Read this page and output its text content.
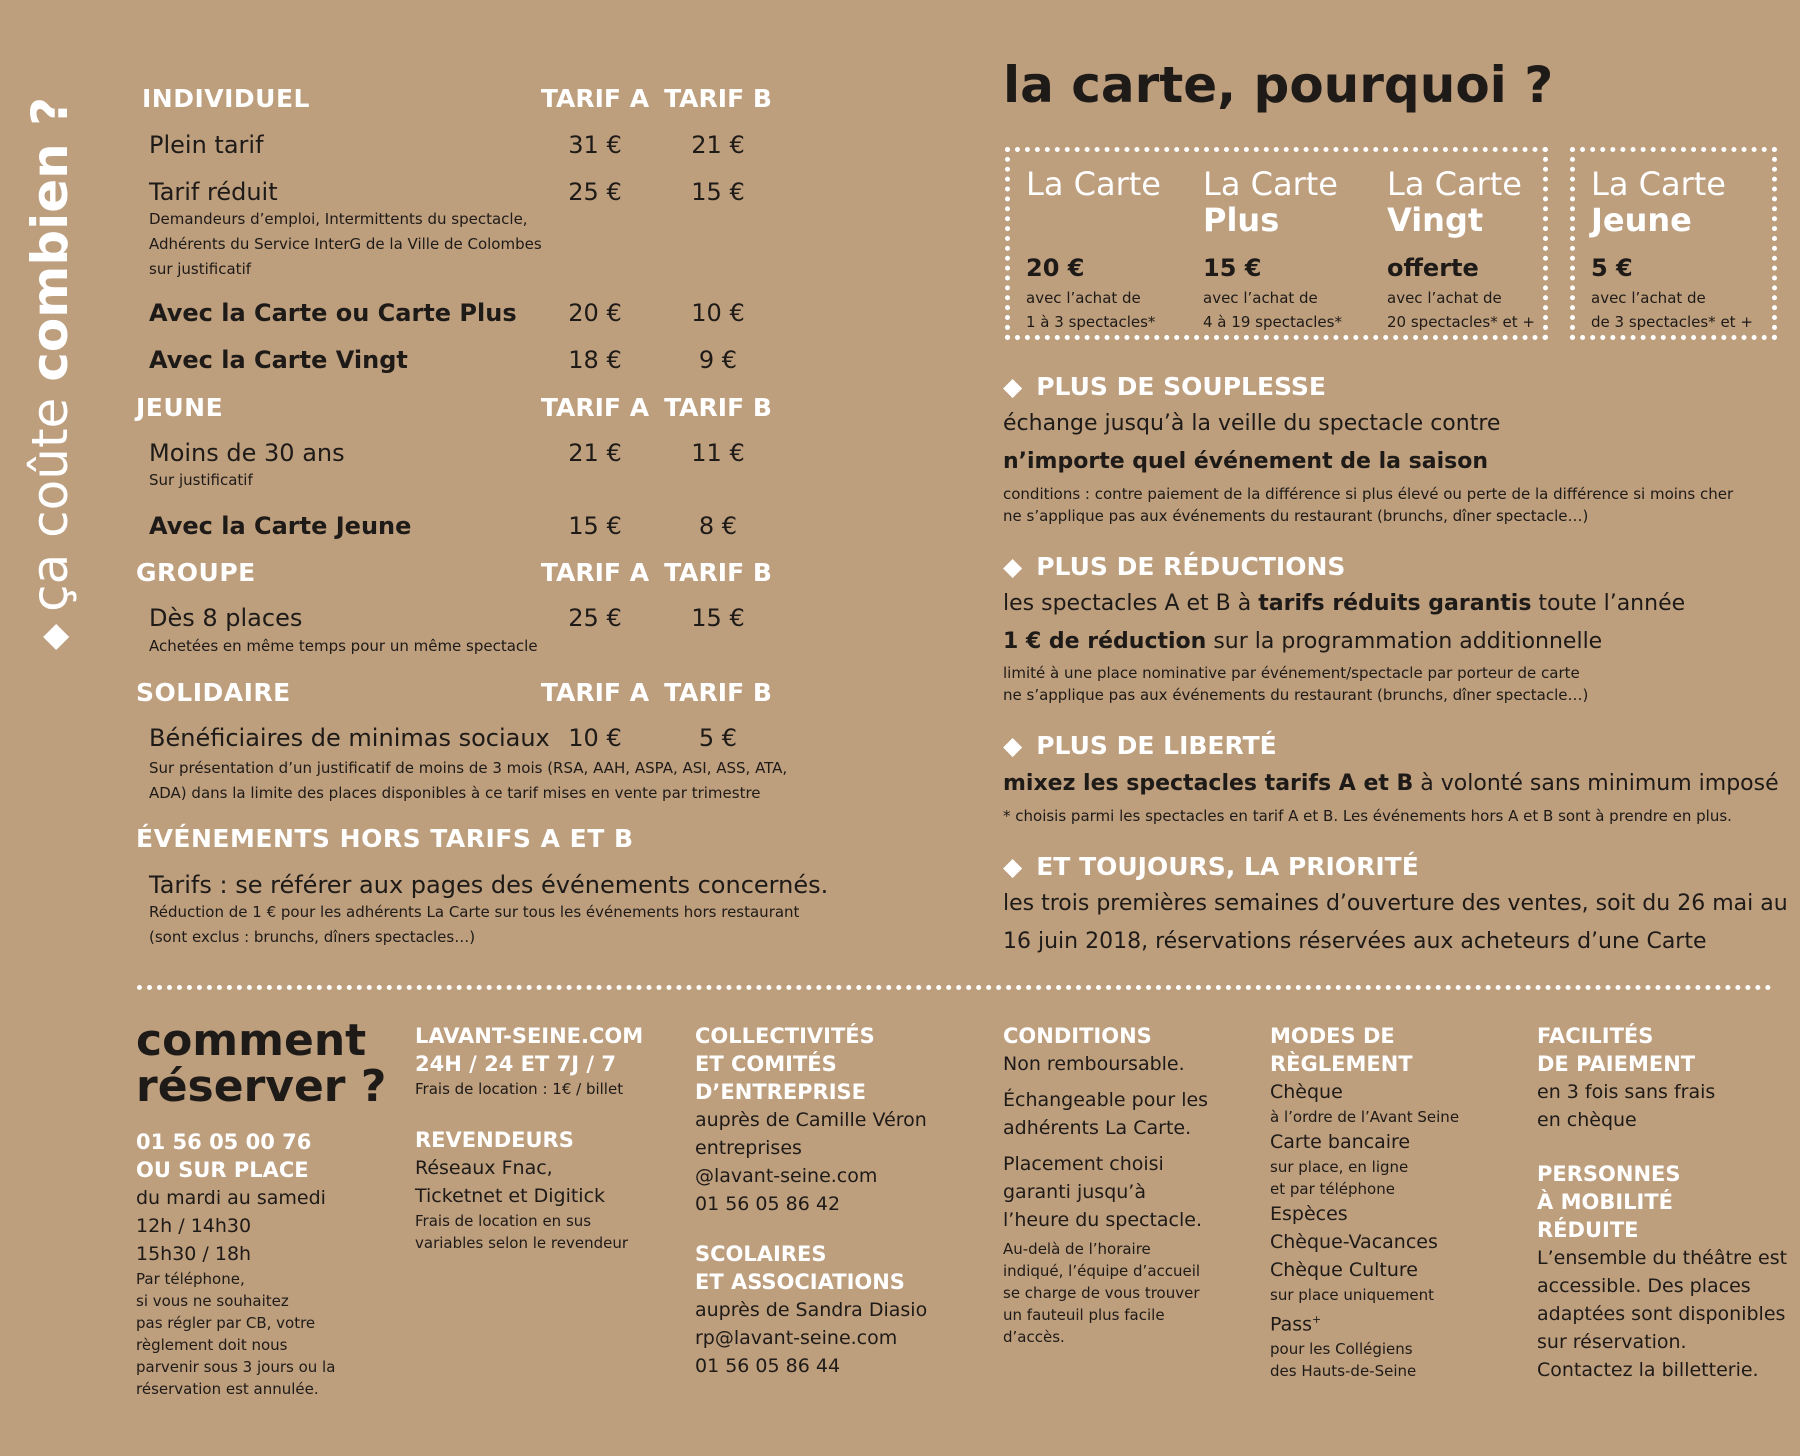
◆ça coûte combien ?	INDIVIDUEL	TARIF A TARIF B
Plein tarif	31 €	21 €
Tarif réduit	25 €	15 €
Demandeurs d’emploi, Intermittents du spectacle,
Adhérents du Service InterG de la Ville de Colombes
sur justificatif
Avec la Carte ou Carte Plus	20 €	10 €
Avec la Carte Vingt	18 €	9 €
JEUNE	TARIF A TARIF B
Moins de 30 ans	21 €	11 €
Sur justificatif
Avec la Carte Jeune	15 €	8 €
GROUPE	TARIF A TARIF B
Dès 8 places	25 €	15 €
Achetées en même temps pour un même spectacle
SOLIDAIRE	TARIF A TARIF B
Bénéficiaires de minimas sociaux 10 €	5 €
Sur présentation d’un justificatif de moins de 3 mois (RSA, AAH, ASPA, ASI, ASS, ATA,
ADA) dans la limite des places disponibles à ce tarif mises en vente par trimestre
ÉVÉNEMENTS HORS TARIFS A ET B
Tarifs : se référer aux pages des événements concernés.
Réduction de 1 € pour les adhérents La Carte sur tous les événements hors restaurant
(sont exclus : brunchs, dîners spectacles…)
la carte, pourquoi ?
La Carte
20 €
avec l’achat de
1 à 3 spectacles*
La Carte
Plus
15 €
avec l’achat de
4 à 19 spectacles*
La Carte
Vingt
offerte
avec l’achat de
20 spectacles* et +
La Carte
Jeune
5 €
avec l’achat de
de 3 spectacles* et +
◆ PLUS DE SOUPLESSE
échange jusqu’à la veille du spectacle contre
n’importe quel événement de la saison
conditions : contre paiement de la différence si plus élevé ou perte de la différence si moins cher
ne s’applique pas aux événements du restaurant (brunchs, dîner spectacle…)
◆ PLUS DE RÉDUCTIONS
les spectacles A et B à tarifs réduits garantis toute l’année
1 € de réduction sur la programmation additionnelle
limité à une place nominative par événement/spectacle par porteur de carte
ne s’applique pas aux événements du restaurant (brunchs, dîner spectacle…)
◆ PLUS DE LIBERTÉ
mixez les spectacles tarifs A et B à volonté sans minimum imposé
* choisis parmi les spectacles en tarif A et B. Les événements hors A et B sont à prendre en plus.
◆ ET TOUJOURS, LA PRIORITÉ
les trois premières semaines d’ouverture des ventes, soit du 26 mai au
16 juin 2018, réservations réservées aux acheteurs d’une Carte
comment
réserver ?
01 56 05 00 76
OU SUR PLACE
du mardi au samedi
12h / 14h30
15h30 / 18h
Par téléphone,
si vous ne souhaitez
pas régler par CB, votre
règlement doit nous
parvenir sous 3 jours ou la
réservation est annulée.
LAVANT-SEINE.COM
24H / 24 ET 7J / 7
Frais de location : 1€ / billet
REVENDEURS
Réseaux Fnac,
Ticketnet et Digitick
Frais de location en sus
variables selon le revendeur
COLLECTIVITÉS
ET COMITÉS
D’ENTREPRISE
auprès de Camille Véron
entreprises
@lavant-seine.com
01 56 05 86 42
SCOLAIRES
ET ASSOCIATIONS
auprès de Sandra Diasio
rp@lavant-seine.com
01 56 05 86 44
CONDITIONS
Non remboursable.
Échangeable pour les
adhérents La Carte.
Placement choisi
garanti jusqu’à
l’heure du spectacle.
Au-delà de l’horaire
indiqué, l’équipe d’accueil
se charge de vous trouver
un fauteuil plus facile
d’accès.
MODES DE
RÈGLEMENT
Chèque
à l’ordre de l’Avant Seine
Carte bancaire
sur place, en ligne
et par téléphone
Espèces
Chèque-Vacances
Chèque Culture
sur place uniquement
Pass+
pour les Collégiens
des Hauts-de-Seine
FACILITÉS
DE PAIEMENT
en 3 fois sans frais
en chèque
PERSONNES
À MOBILITÉ
RÉDUITE
L’ensemble du théâtre est
accessible. Des places
adaptées sont disponibles
sur réservation.
Contactez la billetterie.
